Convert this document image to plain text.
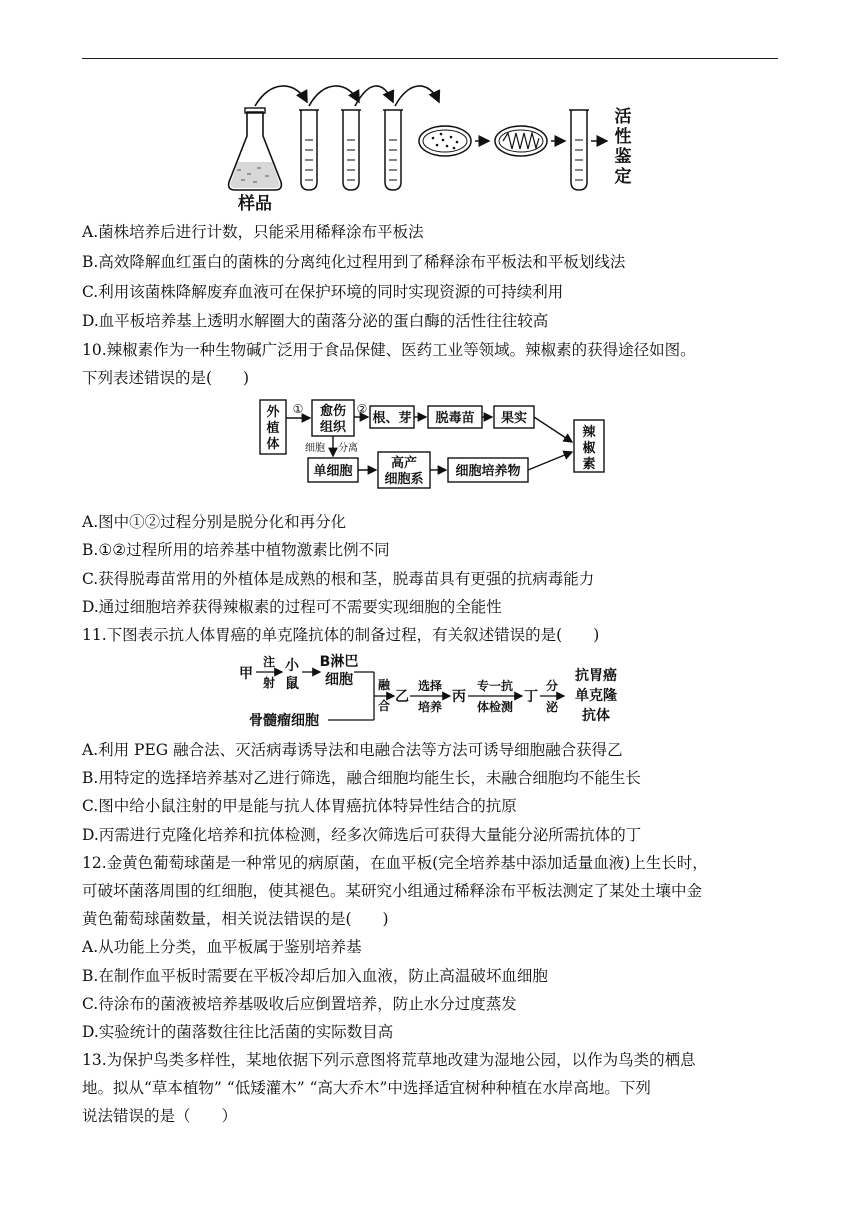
活
性
鉴
定
样品
A.菌株培养后进行计数，只能采用稀释涂布平板法
B.高效降解血红蛋白的菌株的分离纯化过程用到了稀释涂布平板法和平板划线法
C.利用该菌株降解废弃血液可在保护环境的同时实现资源的可持续利用
D.血平板培养基上透明水解圈大的菌落分泌的蛋白酶的活性往往较高
10.辣椒素作为一种生物碱广泛用于食品保健、医药工业等领域。辣椒素的获得途径如图。
下列表述错误的是(　　)
外
植
体
① 愈伤
组织
②
根、芽 脱毒苗 果实
辣
椒
素
细胞 分离
单细胞
高产
细胞系
细胞培养物
A.图中①②过程分别是脱分化和再分化
B.①②过程所用的培养基中植物激素比例不同
C.获得脱毒苗常用的外植体是成熟的根和茎，脱毒苗具有更强的抗病毒能力
D.通过细胞培养获得辣椒素的过程可不需要实现细胞的全能性
11.下图表示抗人体胃癌的单克隆抗体的制备过程，有关叙述错误的是(　　)
甲
注
射
小
鼠
B淋巴
细胞
骨髓瘤细胞
融
合
乙
选择
培养
丙
专一抗
体检测
丁
分
泌
抗胃癌
单克隆
抗体
A.利用 PEG 融合法、灭活病毒诱导法和电融合法等方法可诱导细胞融合获得乙
B.用特定的选择培养基对乙进行筛选，融合细胞均能生长，未融合细胞均不能生长
C.图中给小鼠注射的甲是能与抗人体胃癌抗体特异性结合的抗原
D.丙需进行克隆化培养和抗体检测，经多次筛选后可获得大量能分泌所需抗体的丁
12.金黄色葡萄球菌是一种常见的病原菌，在血平板(完全培养基中添加适量血液)上生长时，
可破坏菌落周围的红细胞，使其褪色。某研究小组通过稀释涂布平板法测定了某处土壤中金
黄色葡萄球菌数量，相关说法错误的是(　　)
A.从功能上分类，血平板属于鉴别培养基
B.在制作血平板时需要在平板冷却后加入血液，防止高温破坏血细胞
C.待涂布的菌液被培养基吸收后应倒置培养，防止水分过度蒸发
D.实验统计的菌落数往往比活菌的实际数目高
13.为保护鸟类多样性，某地依据下列示意图将荒草地改建为湿地公园，以作为鸟类的栖息
地。拟从“草本植物” “低矮灌木” “高大乔木”中选择适宜树种种植在水岸高地。下列
说法错误的是（　　）
